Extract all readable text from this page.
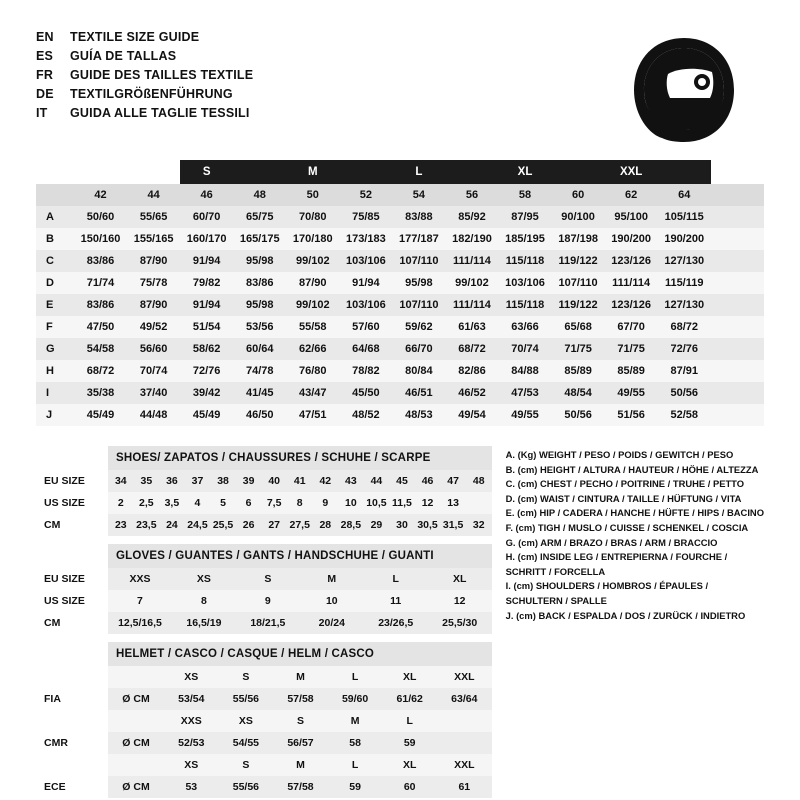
EN	TEXTILE SIZE GUIDE
ES	GUÍA DE TALLAS
FR	GUIDE DES TAILLES TEXTILE
DE	TEXTILGRÖßENFÜHRUNG
IT	GUIDA ALLE TAGLIE TESSILI
			S		M		L		XL		XXL		
	42	44	46	48	50	52	54	56	58	60	62	64	
A	50/60	55/65	60/70	65/75	70/80	75/85	83/88	85/92	87/95	90/100	95/100	105/115	
B	150/160	155/165	160/170	165/175	170/180	173/183	177/187	182/190	185/195	187/198	190/200	190/200	
C	83/86	87/90	91/94	95/98	99/102	103/106	107/110	111/114	115/118	119/122	123/126	127/130	
D	71/74	75/78	79/82	83/86	87/90	91/94	95/98	99/102	103/106	107/110	111/114	115/119	
E	83/86	87/90	91/94	95/98	99/102	103/106	107/110	111/114	115/118	119/122	123/126	127/130	
F	47/50	49/52	51/54	53/56	55/58	57/60	59/62	61/63	63/66	65/68	67/70	68/72	
G	54/58	56/60	58/62	60/64	62/66	64/68	66/70	68/72	70/74	71/75	71/75	72/76	
H	68/72	70/74	72/76	74/78	76/80	78/82	80/84	82/86	84/88	85/89	85/89	87/91	
I	35/38	37/40	39/42	41/45	43/47	45/50	46/51	46/52	47/53	48/54	49/55	50/56	
J	45/49	44/48	45/49	46/50	47/51	48/52	48/53	49/54	49/55	50/56	51/56	52/58	
	SHOES/ ZAPATOS / CHAUSSURES / SCHUHE / SCARPE														
EU SIZE	34	35	36	37	38	39	40	41	42	43	44	45	46	47	48
US SIZE	2	2,5	3,5	4	5	6	7,5	8	9	10	10,5	11,5	12	13	
CM	23	23,5	24	24,5	25,5	26	27	27,5	28	28,5	29	30	30,5	31,5	32

	GLOVES / GUANTES / GANTS / HANDSCHUHE / GUANTI					
EU SIZE	XXS	XS	S	M	L	XL
US SIZE	7	8	9	10	11	12
CM	12,5/16,5	16,5/19	18/21,5	20/24	23/26,5	25,5/30

	HELMET / CASCO / CASQUE / HELM / CASCO						
		XS	S	M	L	XL	XXL
FIA	Ø CM	53/54	55/56	57/58	59/60	61/62	63/64
		XXS	XS	S	M	L	
CMR	Ø CM	52/53	54/55	56/57	58	59	
		XS	S	M	L	XL	XXL
ECE	Ø CM	53	55/56	57/58	59	60	61
A. (Kg) WEIGHT / PESO / POIDS / GEWITCH / PESO
B. (cm) HEIGHT / ALTURA / HAUTEUR / HÖHE / ALTEZZA
C. (cm) CHEST / PECHO / POITRINE / TRUHE / PETTO
D. (cm) WAIST / CINTURA / TAILLE / HÜFTUNG / VITA
E. (cm) HIP / CADERA / HANCHE / HÜFTE / HIPS / BACINO
F. (cm) TIGH / MUSLO / CUISSE / SCHENKEL / COSCIA
G. (cm) ARM / BRAZO / BRAS / ARM / BRACCIO
H. (cm) INSIDE LEG / ENTREPIERNA / FOURCHE /
SCHRITT / FORCELLA
I. (cm) SHOULDERS / HOMBROS / ÉPAULES /
SCHULTERN / SPALLE
J. (cm) BACK / ESPALDA / DOS / ZURÜCK / INDIETRO
